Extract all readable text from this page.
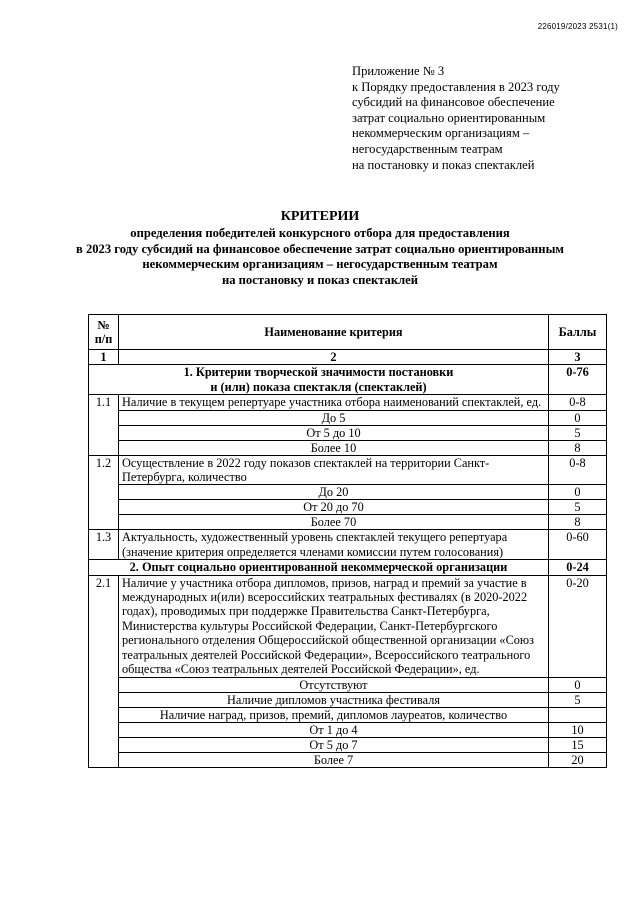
226019/2023 2531(1)
Приложение № 3
к Порядку предоставления в 2023 году
субсидий на финансовое обеспечение
затрат социально ориентированным
некоммерческим организациям –
негосударственным театрам
на постановку и показ спектаклей
КРИТЕРИИ
определения победителей конкурсного отбора для предоставления
в 2023 году субсидий на финансовое обеспечение затрат социально ориентированным
некоммерческим организациям – негосударственным театрам
на постановку и показ спектаклей
№ п/п	Наименование критерия	Баллы
1	2	3
1. Критерии творческой значимости постановки и (или) показа спектакля (спектаклей)		0-76
1.1	Наличие в текущем репертуаре участника отбора наименований спектаклей, ед.	0-8
	До 5	0
	От 5 до 10	5
	Более 10	8
1.2	Осуществление в 2022 году показов спектаклей на территории Санкт-Петербурга, количество	0-8
	До 20	0
	От 20 до 70	5
	Более 70	8
1.3	Актуальность, художественный уровень спектаклей текущего репертуара (значение критерия определяется членами комиссии путем голосования)	0-60
2. Опыт социально ориентированной некоммерческой организации		0-24
2.1	Наличие у участника отбора дипломов, призов, наград и премий за участие в международных и(или) всероссийских театральных фестивалях (в 2020-2022 годах), проводимых при поддержке Правительства Санкт-Петербурга, Министерства культуры Российской Федерации, Санкт-Петербургского регионального отделения Общероссийской общественной организации «Союз театральных деятелей Российской Федерации», Всероссийского театрального общества «Союз театральных деятелей Российской Федерации», ед.	0-20
	Отсутствуют	0
	Наличие дипломов участника фестиваля	5
	Наличие наград, призов, премий, дипломов лауреатов, количество	
	От 1 до 4	10
	От 5 до 7	15
	Более 7	20
